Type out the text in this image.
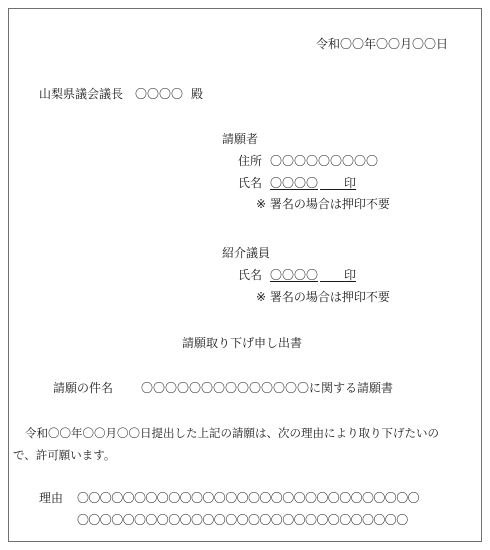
令和〇〇年〇〇月〇〇日
山梨県議会議長 〇〇〇〇 殿
請願者
住所 〇〇〇〇〇〇〇〇〇
氏名 〇〇〇〇   印
※ 署名の場合は押印不要
紹介議員
氏名 〇〇〇〇   印
※ 署名の場合は押印不要
請願取り下げ申し出書
請願の件名 〇〇〇〇〇〇〇〇〇〇〇〇〇〇に関する請願書
令和〇〇年〇〇月〇〇日提出した上記の請願は、次の理由により取り下げたいの
で、許可願います。
理由 〇〇〇〇〇〇〇〇〇〇〇〇〇〇〇〇〇〇〇〇〇〇〇〇〇〇〇〇〇〇
〇〇〇〇〇〇〇〇〇〇〇〇〇〇〇〇〇〇〇〇〇〇〇〇〇〇〇〇〇
